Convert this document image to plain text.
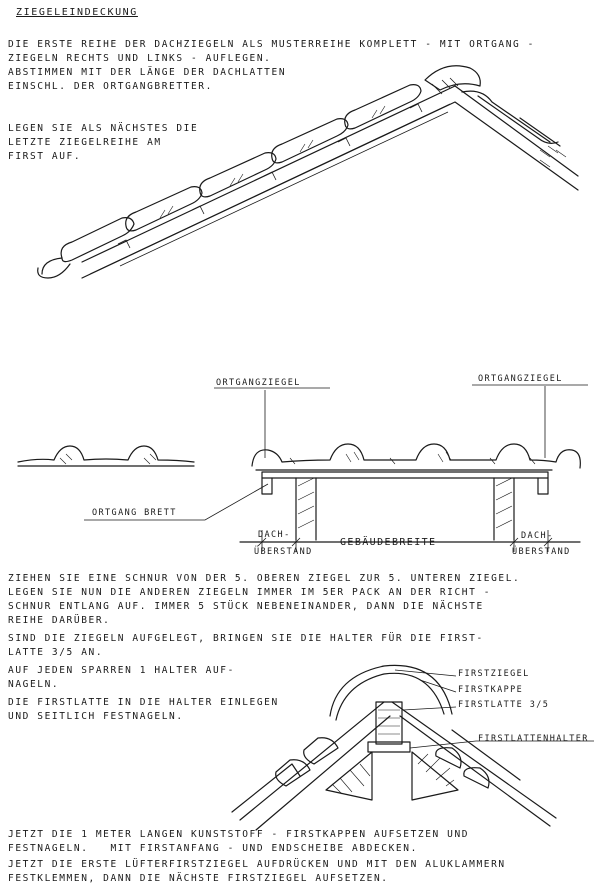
ZIEGELEINDECKUNG
DIE ERSTE REIHE DER DACHZIEGELN ALS MUSTERREIHE KOMPLETT - MIT ORTGANG -
ZIEGELN RECHTS UND LINKS - AUFLEGEN.
ABSTIMMEN MIT DER LÄNGE DER DACHLATTEN
EINSCHL. DER ORTGANGBRETTER.
LEGEN SIE ALS NÄCHSTES DIE
LETZTE ZIEGELREIHE AM
FIRST AUF.
ZIEHEN SIE EINE SCHNUR VON DER 5. OBEREN ZIEGEL ZUR 5. UNTEREN ZIEGEL.
LEGEN SIE NUN DIE ANDEREN ZIEGELN IMMER IM 5ER PACK AN DER RICHT -
SCHNUR ENTLANG AUF. IMMER 5 STÜCK NEBENEINANDER, DANN DIE NÄCHSTE
REIHE DARÜBER.
SIND DIE ZIEGELN AUFGELEGT, BRINGEN SIE DIE HALTER FÜR DIE FIRST-
LATTE 3/5 AN.
AUF JEDEN SPARREN 1 HALTER AUF-
NAGELN.
DIE FIRSTLATTE IN DIE HALTER EINLEGEN
UND SEITLICH FESTNAGELN.
JETZT DIE 1 METER LANGEN KUNSTSTOFF - FIRSTKAPPEN AUFSETZEN UND
FESTNAGELN.   MIT FIRSTANFANG - UND ENDSCHEIBE ABDECKEN.
JETZT DIE ERSTE LÜFTERFIRSTZIEGEL AUFDRÜCKEN UND MIT DEN ALUKLAMMERN
FESTKLEMMEN, DANN DIE NÄCHSTE FIRSTZIEGEL AUFSETZEN.
ORTGANGZIEGEL	ORTGANGZIEGEL
ORTGANG BRETT
DACH-
ÜBERSTAND
GEBÄUDEBREITE
DACH-
ÜBERSTAND
FIRSTZIEGEL
FIRSTKAPPE
FIRSTLATTE 3/5
FIRSTLATTENHALTER
